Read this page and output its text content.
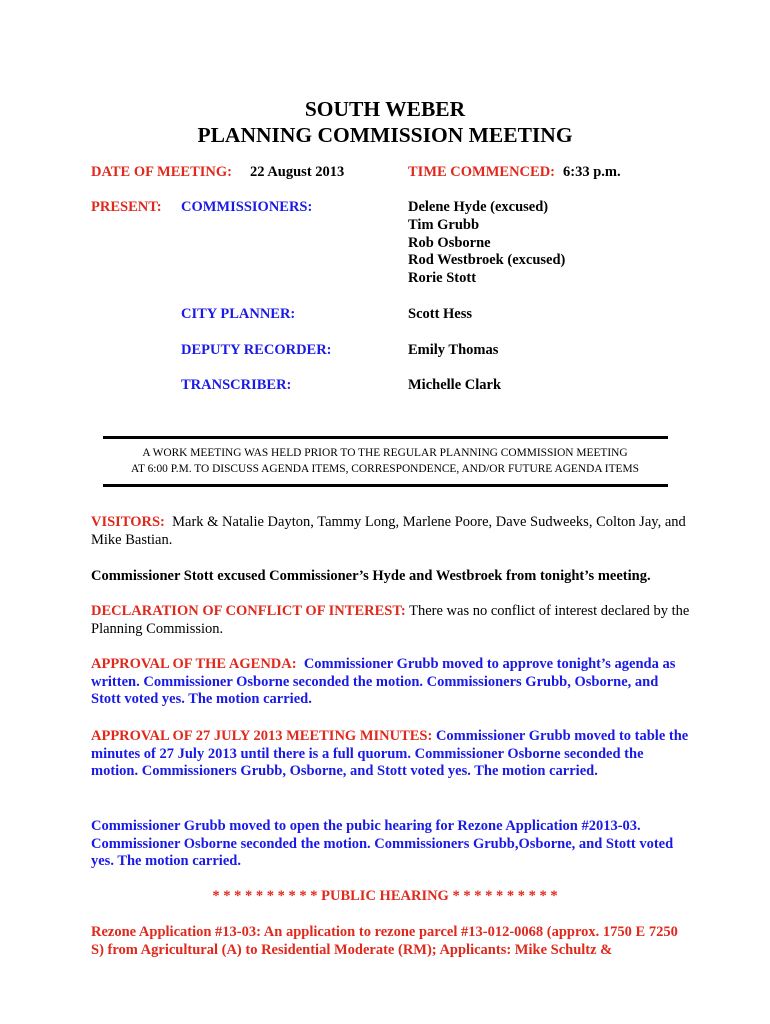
SOUTH WEBER
PLANNING COMMISSION MEETING
DATE OF MEETING: 22 August 2013	TIME COMMENCED: 6:33 p.m.
PRESENT: COMMISSIONERS:	Delene Hyde (excused)
Tim Grubb
Rob Osborne
Rod Westbroek (excused)
Rorie Stott
CITY PLANNER:	Scott Hess
DEPUTY RECORDER:	Emily Thomas
TRANSCRIBER:	Michelle Clark
A WORK MEETING WAS HELD PRIOR TO THE REGULAR PLANNING COMMISSION MEETING
AT 6:00 P.M. TO DISCUSS AGENDA ITEMS, CORRESPONDENCE, AND/OR FUTURE AGENDA ITEMS
VISITORS: Mark & Natalie Dayton, Tammy Long, Marlene Poore, Dave Sudweeks, Colton Jay, and Mike Bastian.
Commissioner Stott excused Commissioner’s Hyde and Westbroek from tonight’s meeting.
DECLARATION OF CONFLICT OF INTEREST: There was no conflict of interest declared by the Planning Commission.
APPROVAL OF THE AGENDA: Commissioner Grubb moved to approve tonight’s agenda as written. Commissioner Osborne seconded the motion. Commissioners Grubb, Osborne, and Stott voted yes. The motion carried.
APPROVAL OF 27 JULY 2013 MEETING MINUTES: Commissioner Grubb moved to table the minutes of 27 July 2013 until there is a full quorum. Commissioner Osborne seconded the motion. Commissioners Grubb, Osborne, and Stott voted yes. The motion carried.
Commissioner Grubb moved to open the pubic hearing for Rezone Application #2013-03. Commissioner Osborne seconded the motion. Commissioners Grubb,Osborne, and Stott voted yes. The motion carried.
* * * * * * * * * * PUBLIC HEARING * * * * * * * * * *
Rezone Application #13-03: An application to rezone parcel #13-012-0068 (approx. 1750 E 7250 S) from Agricultural (A) to Residential Moderate (RM); Applicants: Mike Schultz &
